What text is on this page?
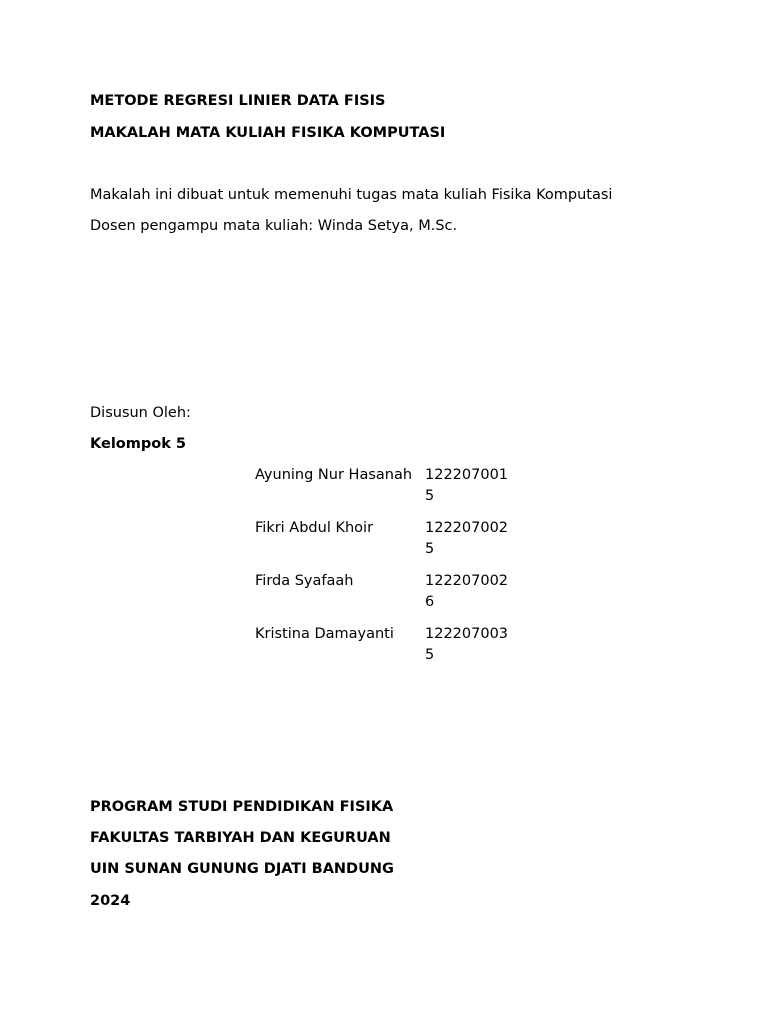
METODE REGRESI LINIER DATA FISIS
MAKALAH MATA KULIAH FISIKA KOMPUTASI
Makalah ini dibuat untuk memenuhi tugas mata kuliah Fisika Komputasi
Dosen pengampu mata kuliah: Winda Setya, M.Sc.
Disusun Oleh:
Kelompok 5
Ayuning Nur Hasanah 1222070015
Fikri Abdul Khoir	1222070025
Firda Syafaah	1222070026
Kristina Damayanti	1222070035
PROGRAM STUDI PENDIDIKAN FISIKA
FAKULTAS TARBIYAH DAN KEGURUAN
UIN SUNAN GUNUNG DJATI BANDUNG
2024
